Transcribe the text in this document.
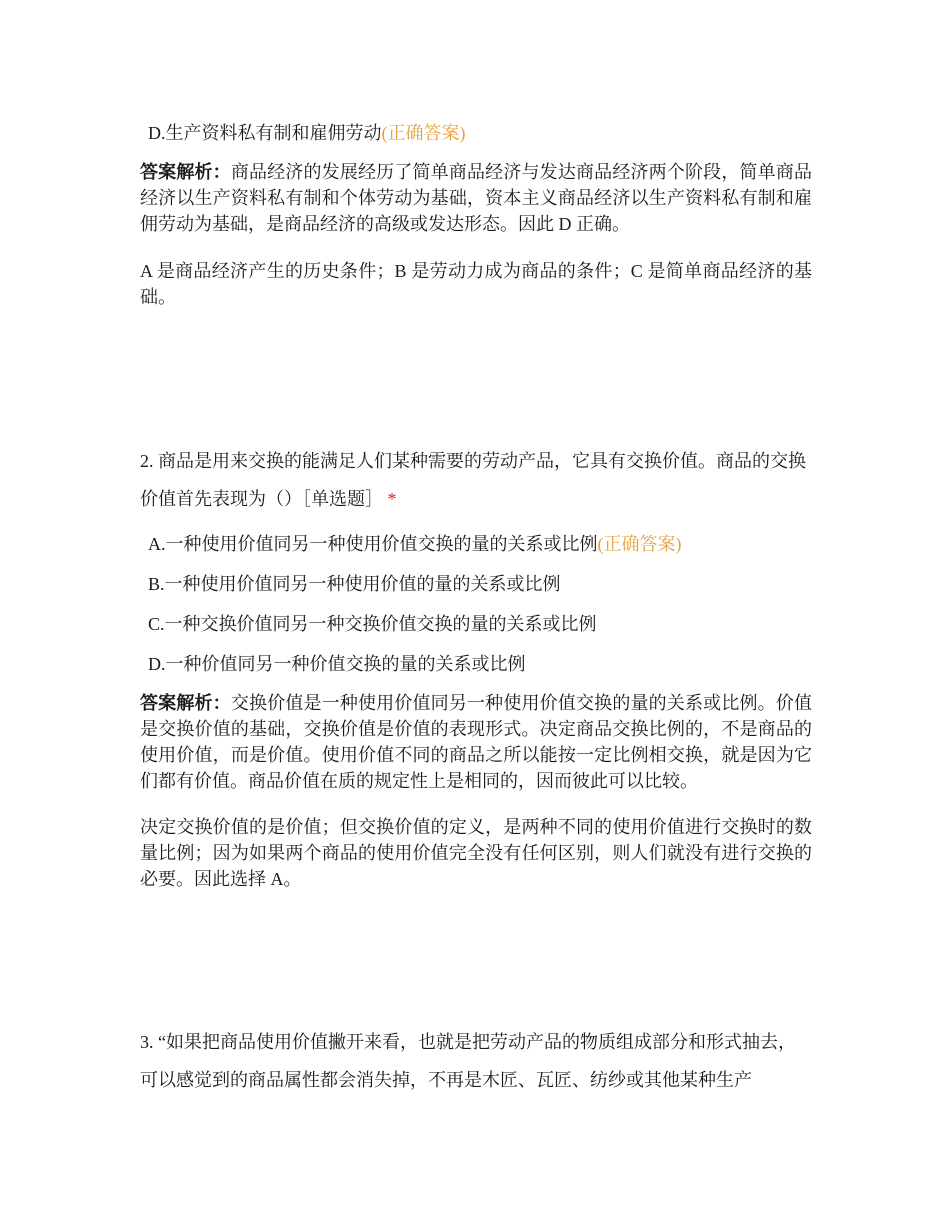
D.生产资料私有制和雇佣劳动(正确答案)
答案解析：商品经济的发展经历了简单商品经济与发达商品经济两个阶段，简单商品经济以生产资料私有制和个体劳动为基础，资本主义商品经济以生产资料私有制和雇佣劳动为基础，是商品经济的高级或发达形态。因此 D 正确。
A 是商品经济产生的历史条件；B 是劳动力成为商品的条件；C 是简单商品经济的基础。
2. 商品是用来交换的能满足人们某种需要的劳动产品，它具有交换价值。商品的交换价值首先表现为（）［单选题］ *
A.一种使用价值同另一种使用价值交换的量的关系或比例(正确答案)
B.一种使用价值同另一种使用价值的量的关系或比例
C.一种交换价值同另一种交换价值交换的量的关系或比例
D.一种价值同另一种价值交换的量的关系或比例
答案解析：交换价值是一种使用价值同另一种使用价值交换的量的关系或比例。价值是交换价值的基础，交换价值是价值的表现形式。决定商品交换比例的，不是商品的使用价值，而是价值。使用价值不同的商品之所以能按一定比例相交换，就是因为它们都有价值。商品价值在质的规定性上是相同的，因而彼此可以比较。
决定交换价值的是价值；但交换价值的定义，是两种不同的使用价值进行交换时的数量比例；因为如果两个商品的使用价值完全没有任何区别，则人们就没有进行交换的必要。因此选择 A。
3. “如果把商品使用价值撇开来看，也就是把劳动产品的物质组成部分和形式抽去，可以感觉到的商品属性都会消失掉，不再是木匠、瓦匠、纺纱或其他某种生产
